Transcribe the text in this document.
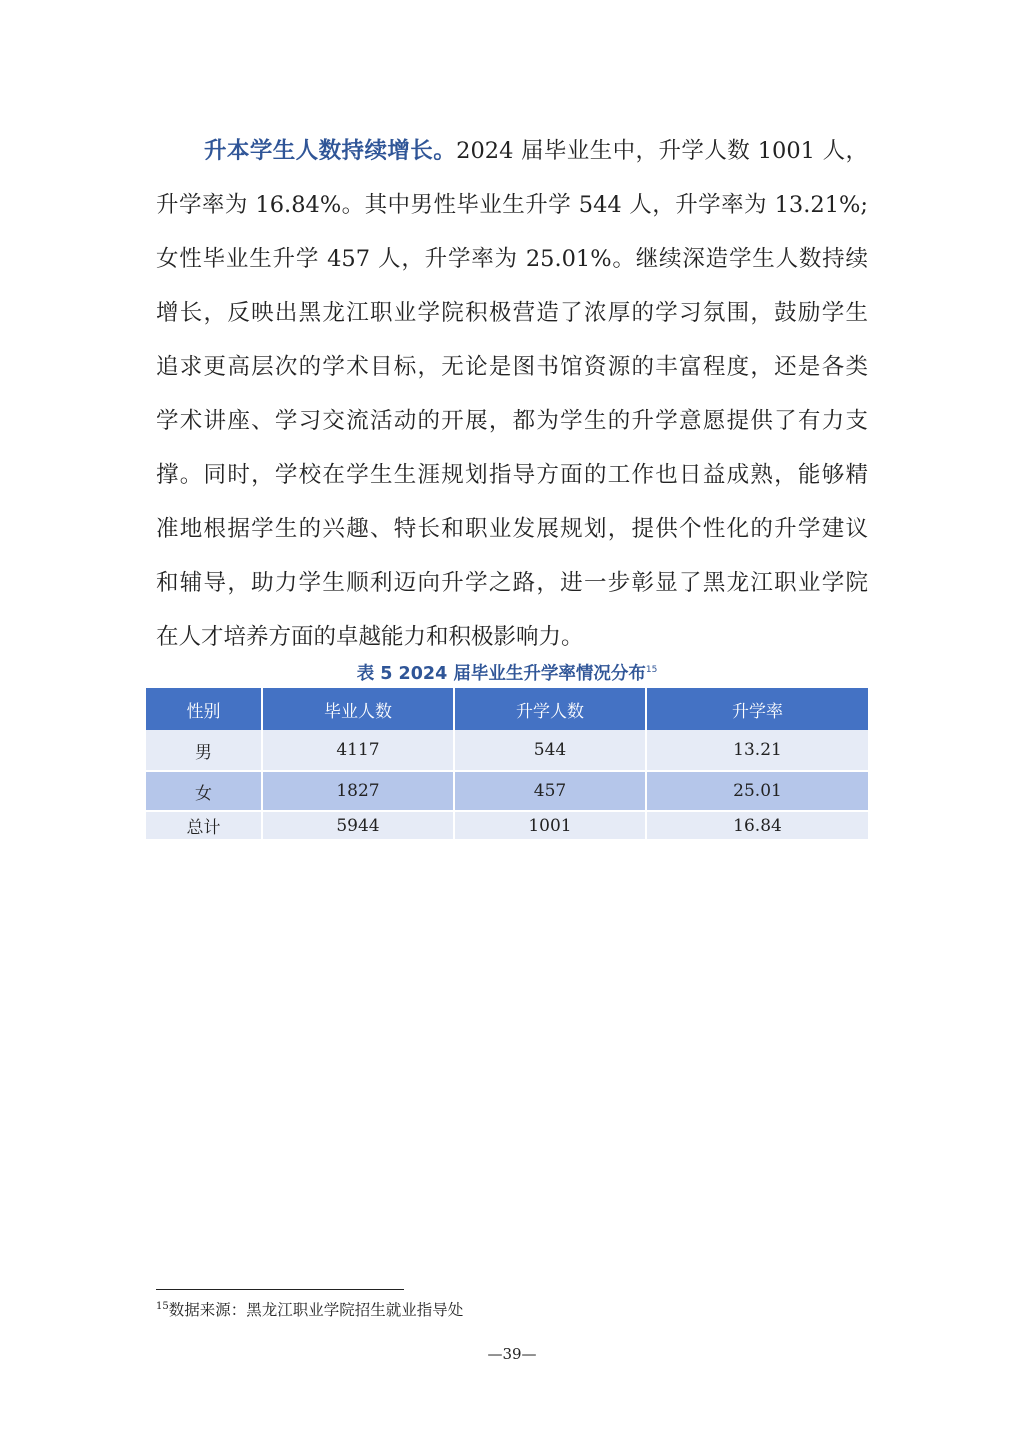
升本学生人数持续增长。2024 届毕业生中，升学人数 1001 人，
升学率为 16.84%。其中男性毕业生升学 544 人，升学率为 13.21%;
女性毕业生升学 457 人，升学率为 25.01%。继续深造学生人数持续
增长，反映出黑龙江职业学院积极营造了浓厚的学习氛围，鼓励学生
追求更高层次的学术目标，无论是图书馆资源的丰富程度，还是各类
学术讲座、学习交流活动的开展，都为学生的升学意愿提供了有力支
撑。同时，学校在学生生涯规划指导方面的工作也日益成熟，能够精
准地根据学生的兴趣、特长和职业发展规划，提供个性化的升学建议
和辅导，助力学生顺利迈向升学之路，进一步彰显了黑龙江职业学院
在人才培养方面的卓越能力和积极影响力。

表 5 2024 届毕业生升学率情况分布$^{15}$
性别	毕业人数	升学人数	升学率
男	4117	544	13.21
女	1827	457	25.01
总计	5944	1001	16.84
$^{15}$数据来源：黑龙江职业学院招生就业指导处
—39—
